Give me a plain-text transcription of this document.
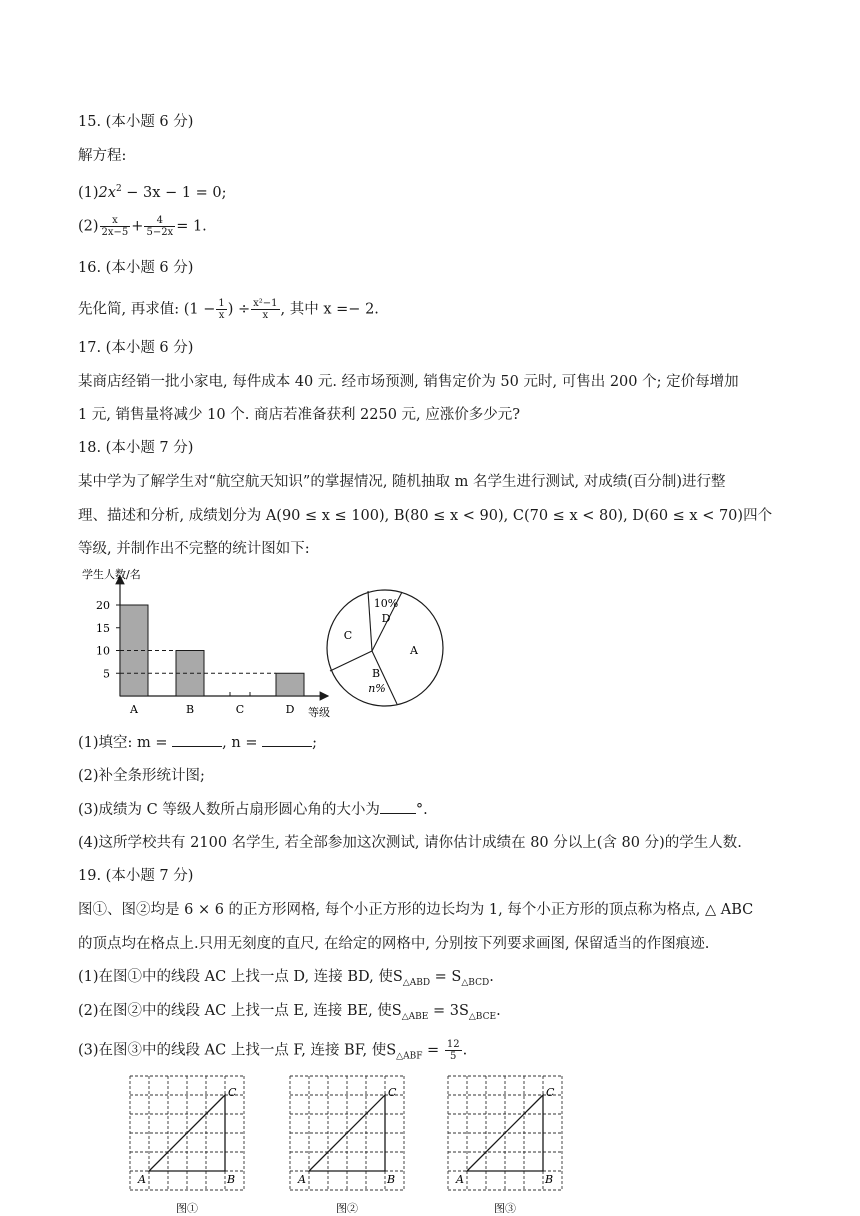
15. (本小题 6 分)
解方程:
$(1)2x^2 - 3x - 1 = 0$;
$(2) \frac{x}{2x-5} + \frac{4}{5-2x} = 1$.
16. (本小题 6 分)
先化简, 再求值: ($1 - \frac{1}{x}$ ) ÷ $\frac{\text{x²−1}}{x}$ , 其中 x =− 2.
17. (本小题 6 分)
某商店经销一批小家电, 每件成本 40 元. 经市场预测, 销售定价为 50 元时, 可售出 200 个; 定价每增加
1 元, 销售量将减少 10 个. 商店若准备获利 2250 元, 应涨价多少元?
18. (本小题 7 分)
某中学为了解学生对“航空航天知识”的掌握情况, 随机抽取 m 名学生进行测试, 对成绩(百分制)进行整
理、描述和分析, 成绩划分为 A(90 ≤ x ≤ 100), B(80 ≤ x < 90), C(70 ≤ x < 80), D(60 ≤ x < 70)四个
等级, 并制作出不完整的统计图如下:
学生人数/名
等级
5
10
15
20
A	B	C	D
10%
D
A
C
B
n%
(1)填空: m =	, n =	;
(2)补全条形统计图;
(3)成绩为 C 等级人数所占扇形圆心角的大小为 °.
(4)这所学校共有 2100 名学生, 若全部参加这次测试, 请你估计成绩在 80 分以上(含 80 分)的学生人数.
19. (本小题 7 分)
图①、图②均是 6 × 6 的正方形网格, 每个小正方形的边长均为 1, 每个小正方形的顶点称为格点, △ ABC
的顶点均在格点上.只用无刻度的直尺, 在给定的网格中, 分别按下列要求画图, 保留适当的作图痕迹.
(1)在图①中的线段 AC 上找一点 D, 连接 BD, 使$S_{\triangle ABD} = S_{\triangle BCD}$.
(2)在图②中的线段 AC 上找一点 E, 连接 BE, 使$S_{\triangle ABE} = 3S_{\triangle BCE}$.
(3)在图③中的线段 AC 上找一点 F, 连接 BF, 使$S_{\triangle ABF} = \frac{12}{5}$ .
A	B
C
图①
A	B
C
图②
A	B
C
图③
